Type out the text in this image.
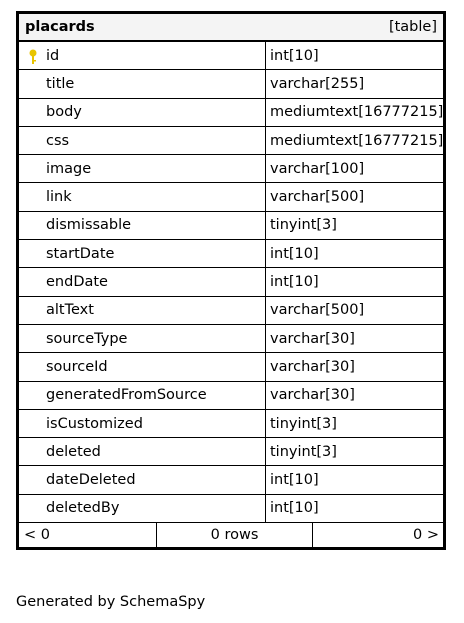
placards	[table]
id	int[10]
title	varchar[255]
body	mediumtext[16777215]
css	mediumtext[16777215]
image	varchar[100]
link	varchar[500]
dismissable	tinyint[3]
startDate	int[10]
endDate	int[10]
altText	varchar[500]
sourceType	varchar[30]
sourceId	varchar[30]
generatedFromSource	varchar[30]
isCustomized	tinyint[3]
deleted	tinyint[3]
dateDeleted	int[10]
deletedBy	int[10]
< 0	0 rows	0 >
Generated by SchemaSpy
